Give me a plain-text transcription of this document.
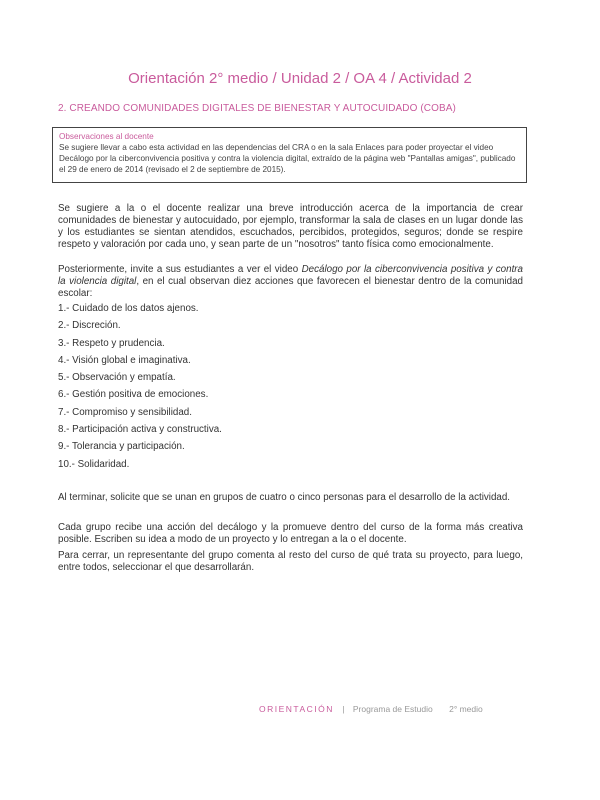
Orientación 2° medio / Unidad 2 / OA 4 / Actividad 2
2. CREANDO COMUNIDADES DIGITALES DE BIENESTAR Y AUTOCUIDADO (COBA)
Observaciones al docente
Se sugiere llevar a cabo esta actividad en las dependencias del CRA o en la sala Enlaces para poder proyectar el video Decálogo por la ciberconvivencia positiva y contra la violencia digital, extraído de la página web "Pantallas amigas", publicado el 29 de enero de 2014 (revisado el 2 de septiembre de 2015).
Se sugiere a la o el docente realizar una breve introducción acerca de la importancia de crear comunidades de bienestar y autocuidado, por ejemplo, transformar la sala de clases en un lugar donde las y los estudiantes se sientan atendidos, escuchados, percibidos, protegidos, seguros; donde se respire respeto y valoración por cada uno, y sean parte de un "nosotros" tanto física como emocionalmente.
Posteriormente, invite a sus estudiantes a ver el video Decálogo por la ciberconvivencia positiva y contra la violencia digital, en el cual observan diez acciones que favorecen el bienestar dentro de la comunidad escolar:
1.- Cuidado de los datos ajenos.
2.- Discreción.
3.- Respeto y prudencia.
4.- Visión global e imaginativa.
5.- Observación y empatía.
6.- Gestión positiva de emociones.
7.- Compromiso y sensibilidad.
8.- Participación activa y constructiva.
9.- Tolerancia y participación.
10.- Solidaridad.
Al terminar, solicite que se unan en grupos de cuatro o cinco personas para el desarrollo de la actividad.
Cada grupo recibe una acción del decálogo y la promueve dentro del curso de la forma más creativa posible. Escriben su idea a modo de un proyecto y lo entregan a la o el docente.
Para cerrar, un representante del grupo comenta al resto del curso de qué trata su proyecto, para luego, entre todos, seleccionar el que desarrollarán.
ORIENTACIÓN | Programa de Estudio 2° medio
